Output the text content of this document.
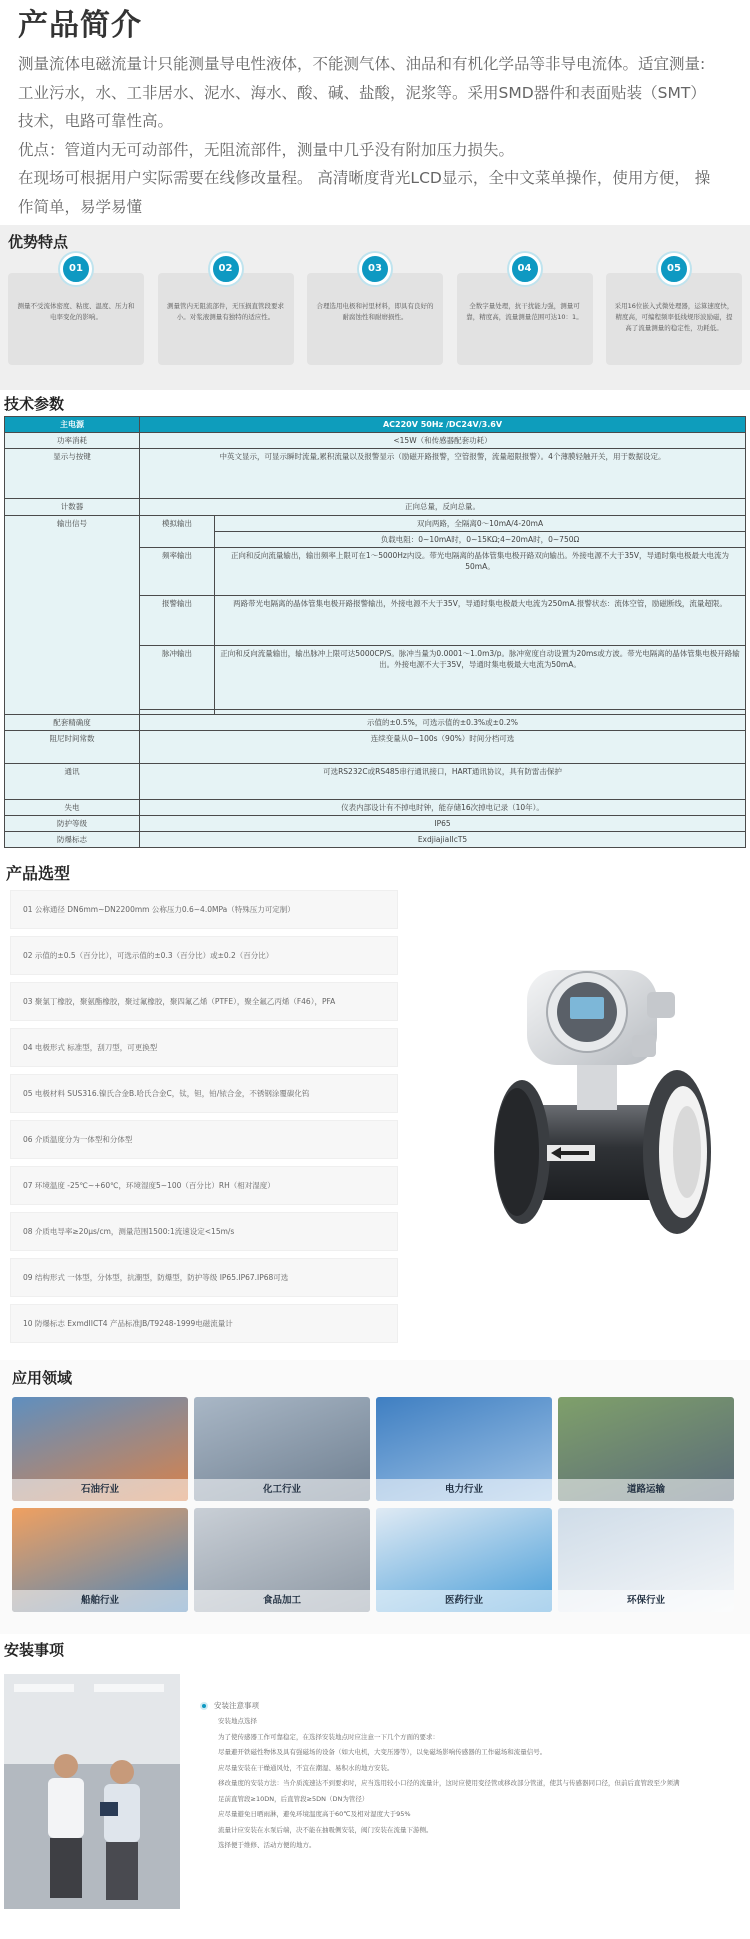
产品简介

测量流体电磁流量计只能测量导电性液体，不能测气体、油品和有机化学品等非导电流体。适宜测量:
工业污水，水、工非居水、泥水、海水、酸、碱、盐酸，泥浆等。采用SMD器件和表面贴装（SMT）
技术，电路可靠性高。
优点：管道内无可动部件，无阻流部件，测量中几乎没有附加压力损失。
在现场可根据用户实际需要在线修改量程。 高清晰度背光LCD显示，全中文菜单操作，使用方便， 操
作简单，易学易懂

优势特点
01
测量不受流体密度、粘度、温度、压力和电率变化的影响。
02
测量管内无阻流部件，无压损直管段要求小。对浆液测量有独特的适应性。
03
合理选用电极和衬里材料，即具有良好的耐腐蚀性和耐磨损性。
04
全数字量处理，抗干扰能力强，测量可靠，精度高，流量测量范围可达10：1。
05
采用16位嵌入式微处理器，运算速度快，精度高，可编程频率低线规形波励磁，提高了流量测量的稳定性，功耗低。
技术参数
主电源	AC220V 50Hz /DC24V/3.6V	
功率消耗	<15W（和传感器配套功耗）	
显示与按键	中英文显示，可显示瞬时流量,累积流量以及报警显示（励磁开路报警，空管报警，流量超限报警）。4个薄膜轻触开关，用于数据设定。	
计数器	正向总量，反向总量。	
输出信号	模拟输出	双向两路，全隔离0～10mA/4-20mA
		负载电阻：0~10mA时，0~15KΩ;4~20mA时，0~750Ω
	频率输出	正向和反向流量输出，输出频率上限可在1～5000Hz内设。带光电隔离的晶体管集电极开路双向输出。外接电源不大于35V，导通时集电极最大电流为50mA。
	报警输出	两路带光电隔离的晶体管集电极开路报警输出，外接电源不大于35V，导通时集电极最大电流为250mA.报警状态：流体空管，励磁断线，流量超限。
	脉冲输出	正向和反向流量输出，输出脉冲上限可达5000CP/S。脉冲当量为0.0001～1.0m3/p。脉冲宽度自动设置为20ms或方波。带光电隔离的晶体管集电极开路输出。外接电源不大于35V，导通时集电极最大电流为50mA。

配套精确度	示值的±0.5%，可选示值的±0.3%或±0.2%	
阻尼时间常数	连续变量从0~100s（90%）时间分档可选	
通讯	可选RS232C或RS485串行通讯接口，HART通讯协议，具有防雷击保护	
失电	仪表内部设计有不掉电时钟，能存储16次掉电记录（10年）。	
防护等级	IP65	
防爆标志	ExdjiajiaIIcT5	
产品选型
01 公称通径 DN6mm~DN2200mm 公称压力0.6~4.0MPa（特殊压力可定制）
02 示值的±0.5（百分比），可选示值的±0.3（百分比）或±0.2（百分比）
03 聚氯丁橡胶，聚氨酯橡胶，聚过氟橡胶，聚四氟乙烯（PTFE），聚全氟乙丙烯（F46），PFA
04 电极形式 标准型，刮刀型，可更换型
05 电极材料 SUS316.镍氏合金B.哈氏合金C，钛，钽，铂/铱合金，不锈钢涂覆碳化钨
06 介质温度分为一体型和分体型
07 环境温度 -25℃~+60℃，环境湿度5~100（百分比）RH（相对湿度）
08 介质电导率≥20μs/cm，测量范围1500:1流速设定<15m/s
09 结构形式 一体型，分体型，抗潮型，防爆型，防护等级 IP65.IP67.IP68可选
10 防爆标志 ExmdIICT4 产品标准JB/T9248-1999电磁流量计
应用领域
石油行业	化工行业	电力行业	道路运输
船舶行业	食品加工	医药行业	环保行业
安装事项
安装注意事项
安装地点选择
为了使传感器工作可靠稳定，在选择安装地点时应注意一下几个方面的要求：
尽量避开铁磁性物体及具有强磁场的设备（如大电机，大变压器等），以免磁场影响传感器的工作磁场和流量信号。
应尽量安装在干燥通风处，不宜在潮湿、易积水的地方安装。
移改量度的安装方法：当介质流速达不到要求时，应当选用较小口径的流量计，这时应使用变径管或移改部分管道，使其与传感器同口径，但前后直管段至少须满
足前直管段≥10DN，后直管段≥5DN（DN为管径）
应尽量避免日晒雨淋，避免环境温度高于60℃及相对湿度大于95%
流量计应安装在水泵后端，决不能在抽吸侧安装，阀门安装在流量下游侧。
选择便于维修、活动方便的地方。
